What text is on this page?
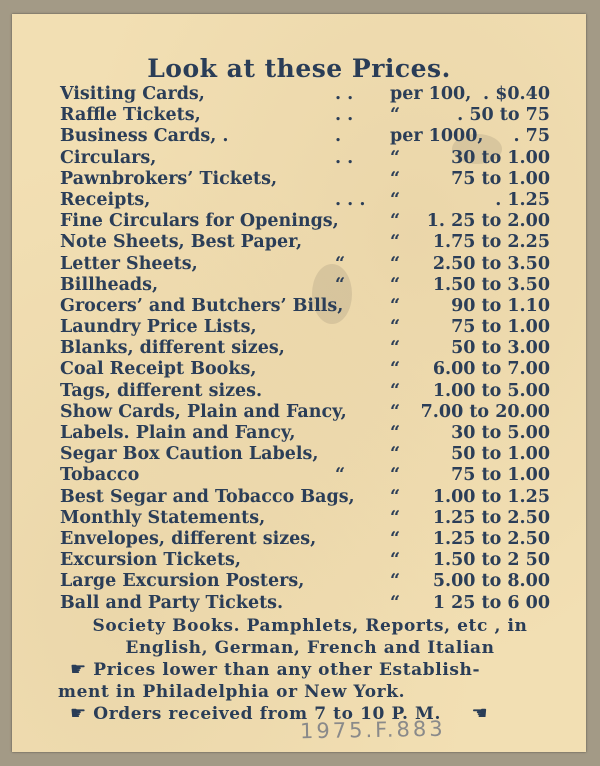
Look at these Prices.
Visiting Cards,	. .	per 100, . $0.40
Raffle Tickets,	. .	“	. 50 to 75
Business Cards, .	.	per 1000, . 75
Circulars,	. .	“	30 to 1.00
Pawnbrokers’ Tickets,	“	75 to 1.00
Receipts,	. . .	“	. 1.25
Fine Circulars for Openings,	“ 1. 25 to 2.00
Note Sheets, Best Paper,	“ 1.75 to 2.25
Letter Sheets,	“	“ 2.50 to 3.50
Billheads,	“	“ 1.50 to 3.50
Grocers’ and Butchers’ Bills,	“	90 to 1.10
Laundry Price Lists,	“	75 to 1.00
Blanks, different sizes,	“	50 to 3.00
Coal Receipt Books,	“ 6.00 to 7.00
Tags, different sizes.	“ 1.00 to 5.00
Show Cards, Plain and Fancy, “ 7.00 to 20.00
Labels. Plain and Fancy,	“	30 to 5.00
Segar Box Caution Labels,	“	50 to 1.00
Tobacco	“	“	75 to 1.00
Best Segar and Tobacco Bags, “ 1.00 to 1.25
Monthly Statements,	“ 1.25 to 2.50
Envelopes, different sizes,	“ 1.25 to 2.50
Excursion Tickets,	“ 1.50 to 2 50
Large Excursion Posters,	“ 5.00 to 8.00
Ball and Party Tickets.	“ 1 25 to 6 00
Society Books. Pamphlets, Reports, etc , in
English, German, French and Italian
☛ Prices lower than any other Establish-
ment in Philadelphia or New York.
☛ Orders received from 7 to 10 P. M. ☚
1975.F.883
